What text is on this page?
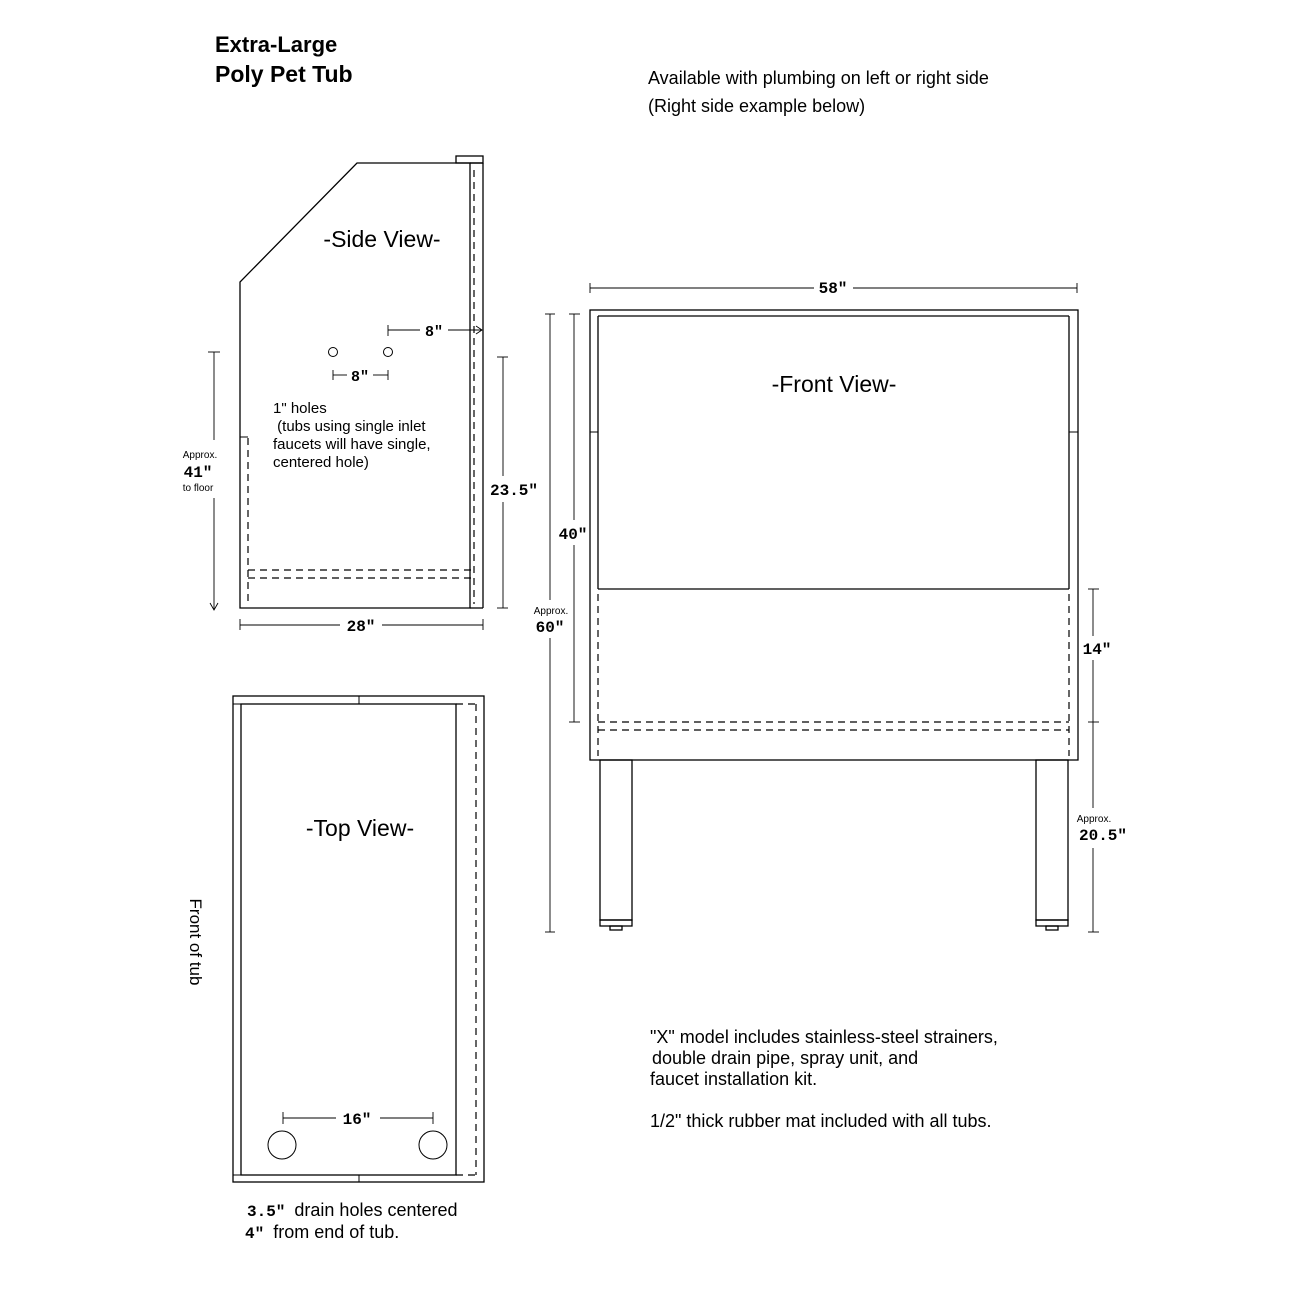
Extra-Large
Poly Pet Tub	Available with plumbing on left or right side
(Right side example below)
-Side View-
8"
8"
1" holes
(tubs using single inlet
faucets will have single,
centered hole)
Approx.
41"
to floor	23.5"
28"
-Top View-
Front of tub
16"
3.5"  drain holes centered
4"  from end of tub.
-Front View-
58"
40"
Approx.
60"
14"
Approx.
20.5"
"X" model includes stainless-steel strainers,
double drain pipe, spray unit, and
faucet installation kit.
1/2" thick rubber mat included with all tubs.
